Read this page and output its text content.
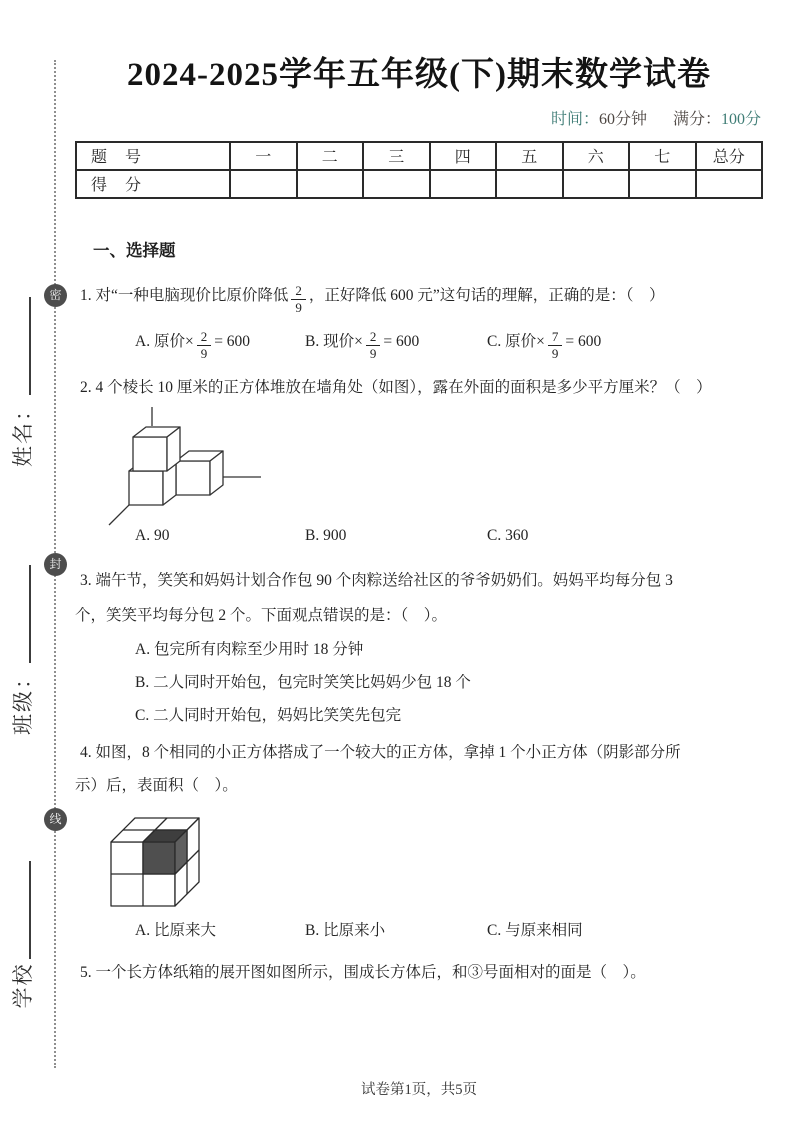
密
封
线
姓名：
班级：
学校
2024-2025学年五年级(下)期末数学试卷
时间：60分钟 满分：100分
题 号	一	二	三	四	五	六	七	总分
得 分								
一、选择题
1. 对“一种电脑现价比原价降低 $\frac{2}{9}$ ，正好降低 600 元”这句话的理解，正确的是：（　）
A. 原价× $\frac{2}{9} = 600$	B. 现价× $\frac{2}{9} = 600$	C. 原价× $\frac{7}{9} = 600$
2. 4 个棱长 10 厘米的正方体堆放在墙角处（如图），露在外面的面积是多少平方厘米？（　）
A. 90	B. 900	C. 360
3. 端午节，笑笑和妈妈计划合作包 90 个肉粽送给社区的爷爷奶奶们。妈妈平均每分包 3
个，笑笑平均每分包 2 个。下面观点错误的是：（　）。
A. 包完所有肉粽至少用时 18 分钟
B. 二人同时开始包，包完时笑笑比妈妈少包 18 个
C. 二人同时开始包，妈妈比笑笑先包完
4. 如图，8 个相同的小正方体搭成了一个较大的正方体，拿掉 1 个小正方体（阴影部分所
示）后，表面积（　）。
A. 比原来大	B. 比原来小	C. 与原来相同
5. 一个长方体纸箱的展开图如图所示，围成长方体后，和③号面相对的面是（　）。
试卷第1页，共5页
